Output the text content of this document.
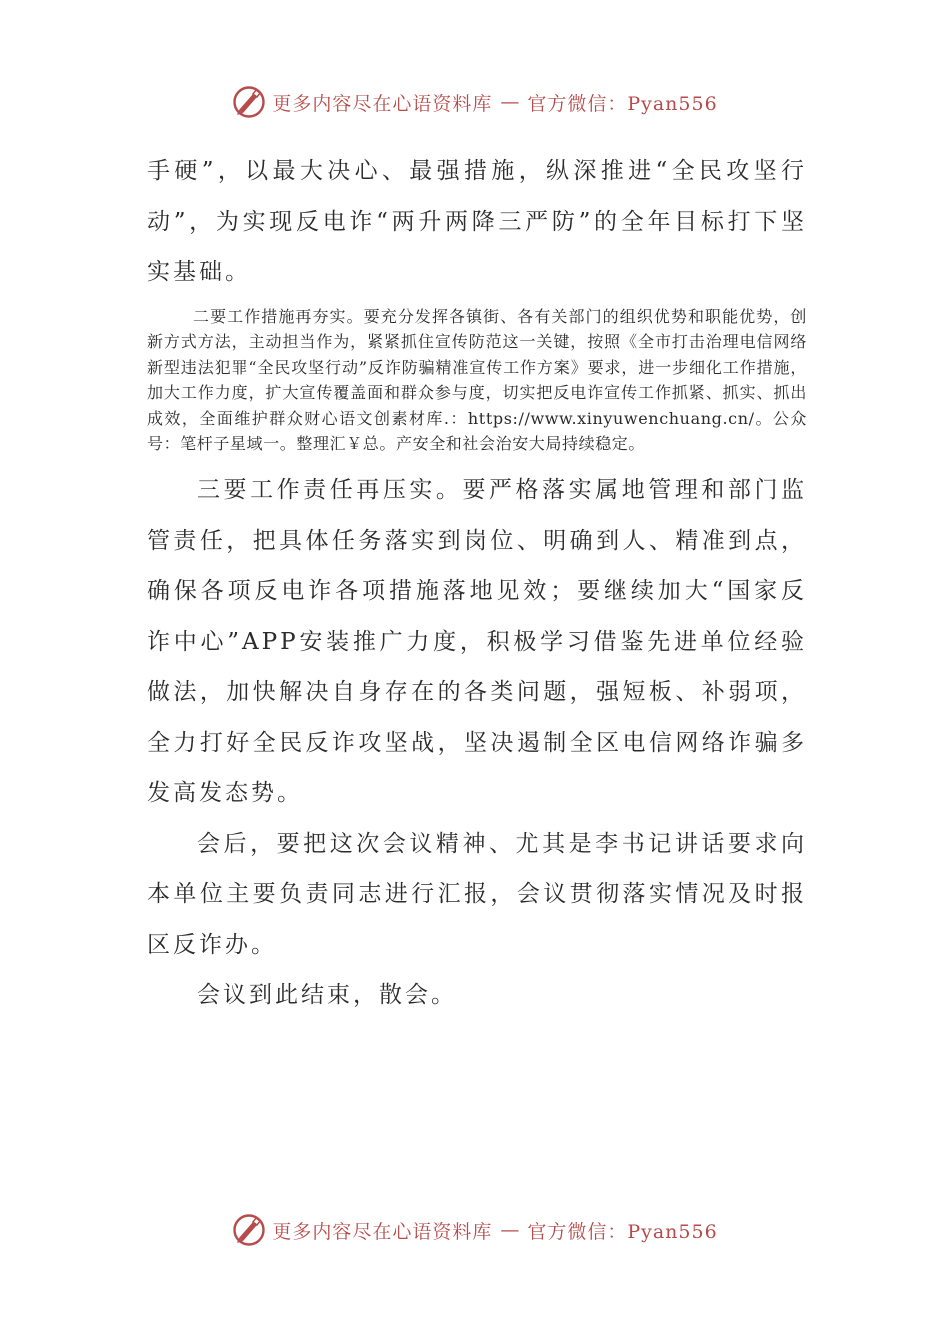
更多内容尽在心语资料库 — 官方微信：Pyan556

手硬”，以最大决心、最强措施，纵深推进“全民攻坚行动”，为实现反电诈“两升两降三严防”的全年目标打下坚实基础。

二要工作措施再夯实。要充分发挥各镇街、各有关部门的组织优势和职能优势，创新方式方法，主动担当作为，紧紧抓住宣传防范这一关键，按照《全市打击治理电信网络新型违法犯罪“全民攻坚行动”反诈防骗精准宣传工作方案》要求，进一步细化工作措施，加大工作力度，扩大宣传覆盖面和群众参与度，切实把反电诈宣传工作抓紧、抓实、抓出成效，全面维护群众财心语文创素材库.：https://www.xinyuwenchuang.cn/。公众号：笔杆子星域一。整理汇￥总。产安全和社会治安大局持续稳定。

三要工作责任再压实。要严格落实属地管理和部门监管责任，把具体任务落实到岗位、明确到人、精准到点，确保各项反电诈各项措施落地见效；要继续加大“国家反诈中心”APP安装推广力度，积极学习借鉴先进单位经验做法，加快解决自身存在的各类问题，强短板、补弱项，全力打好全民反诈攻坚战，坚决遏制全区电信网络诈骗多发高发态势。

会后，要把这次会议精神、尤其是李书记讲话要求向本单位主要负责同志进行汇报，会议贯彻落实情况及时报区反诈办。

会议到此结束，散会。

更多内容尽在心语资料库 — 官方微信：Pyan556
